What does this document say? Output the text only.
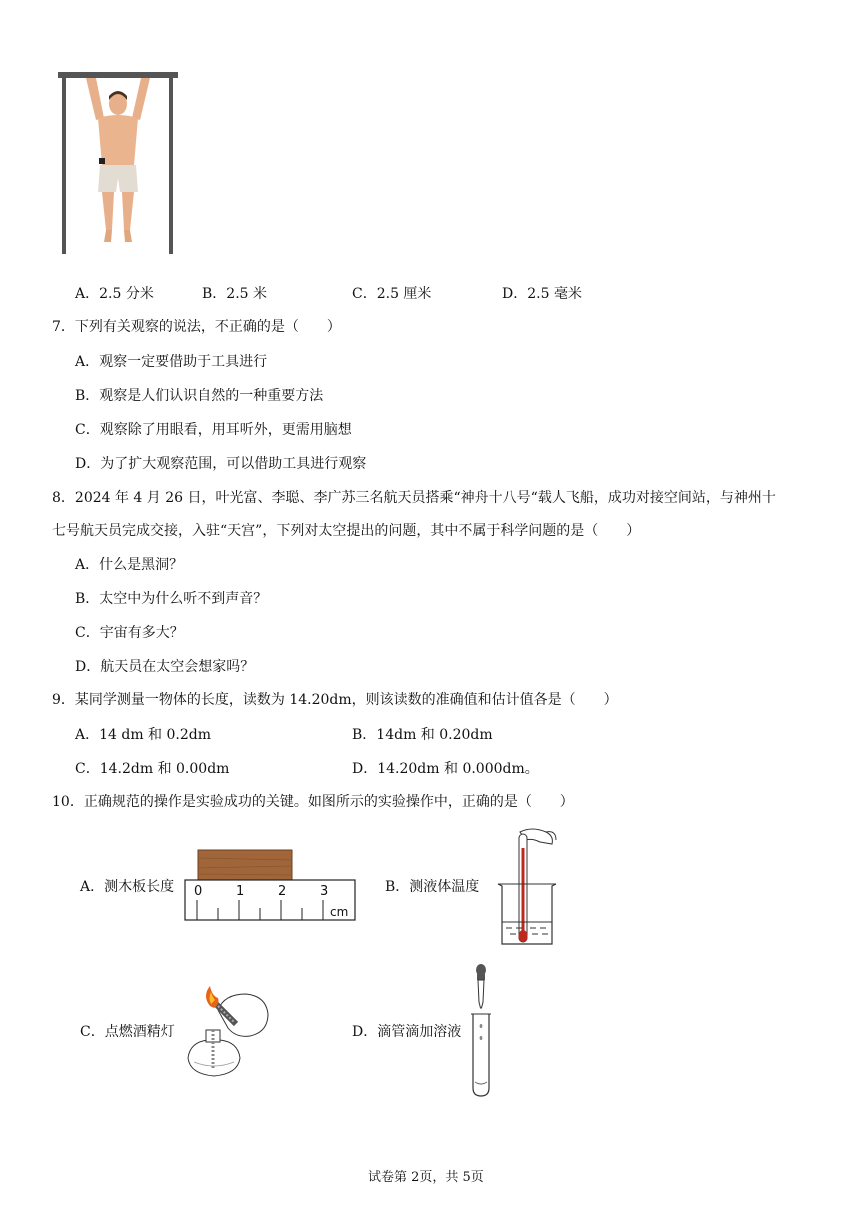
A．2.5 分米	B．2.5 米	C．2.5 厘米	D．2.5 毫米
7．下列有关观察的说法，不正确的是（　　）
A．观察一定要借助于工具进行
B．观察是人们认识自然的一种重要方法
C．观察除了用眼看，用耳听外，更需用脑想
D．为了扩大观察范围，可以借助工具进行观察
8．2024 年 4 月 26 日，叶光富、李聪、李广苏三名航天员搭乘“神舟十八号“载人飞船，成功对接空间站，与神州十
七号航天员完成交接，入驻“天宫”，下列对太空提出的问题，其中不属于科学问题的是（　　）
A．什么是黑洞？
B．太空中为什么听不到声音？
C．宇宙有多大？
D．航天员在太空会想家吗？
9．某同学测量一物体的长度，读数为 14.20dm，则该读数的准确值和估计值各是（　　）
A．14 dm 和 0.2dm	B．14dm 和 0.20dm
C．14.2dm 和 0.00dm	D．14.20dm 和 0.000dm。
10．正确规范的操作是实验成功的关键。如图所示的实验操作中，正确的是（　　）
A．测木板长度 0	1	2	3
cm
B．测液体温度
C．点燃酒精灯	D．滴管滴加溶液
试卷第 2页，共 5页
